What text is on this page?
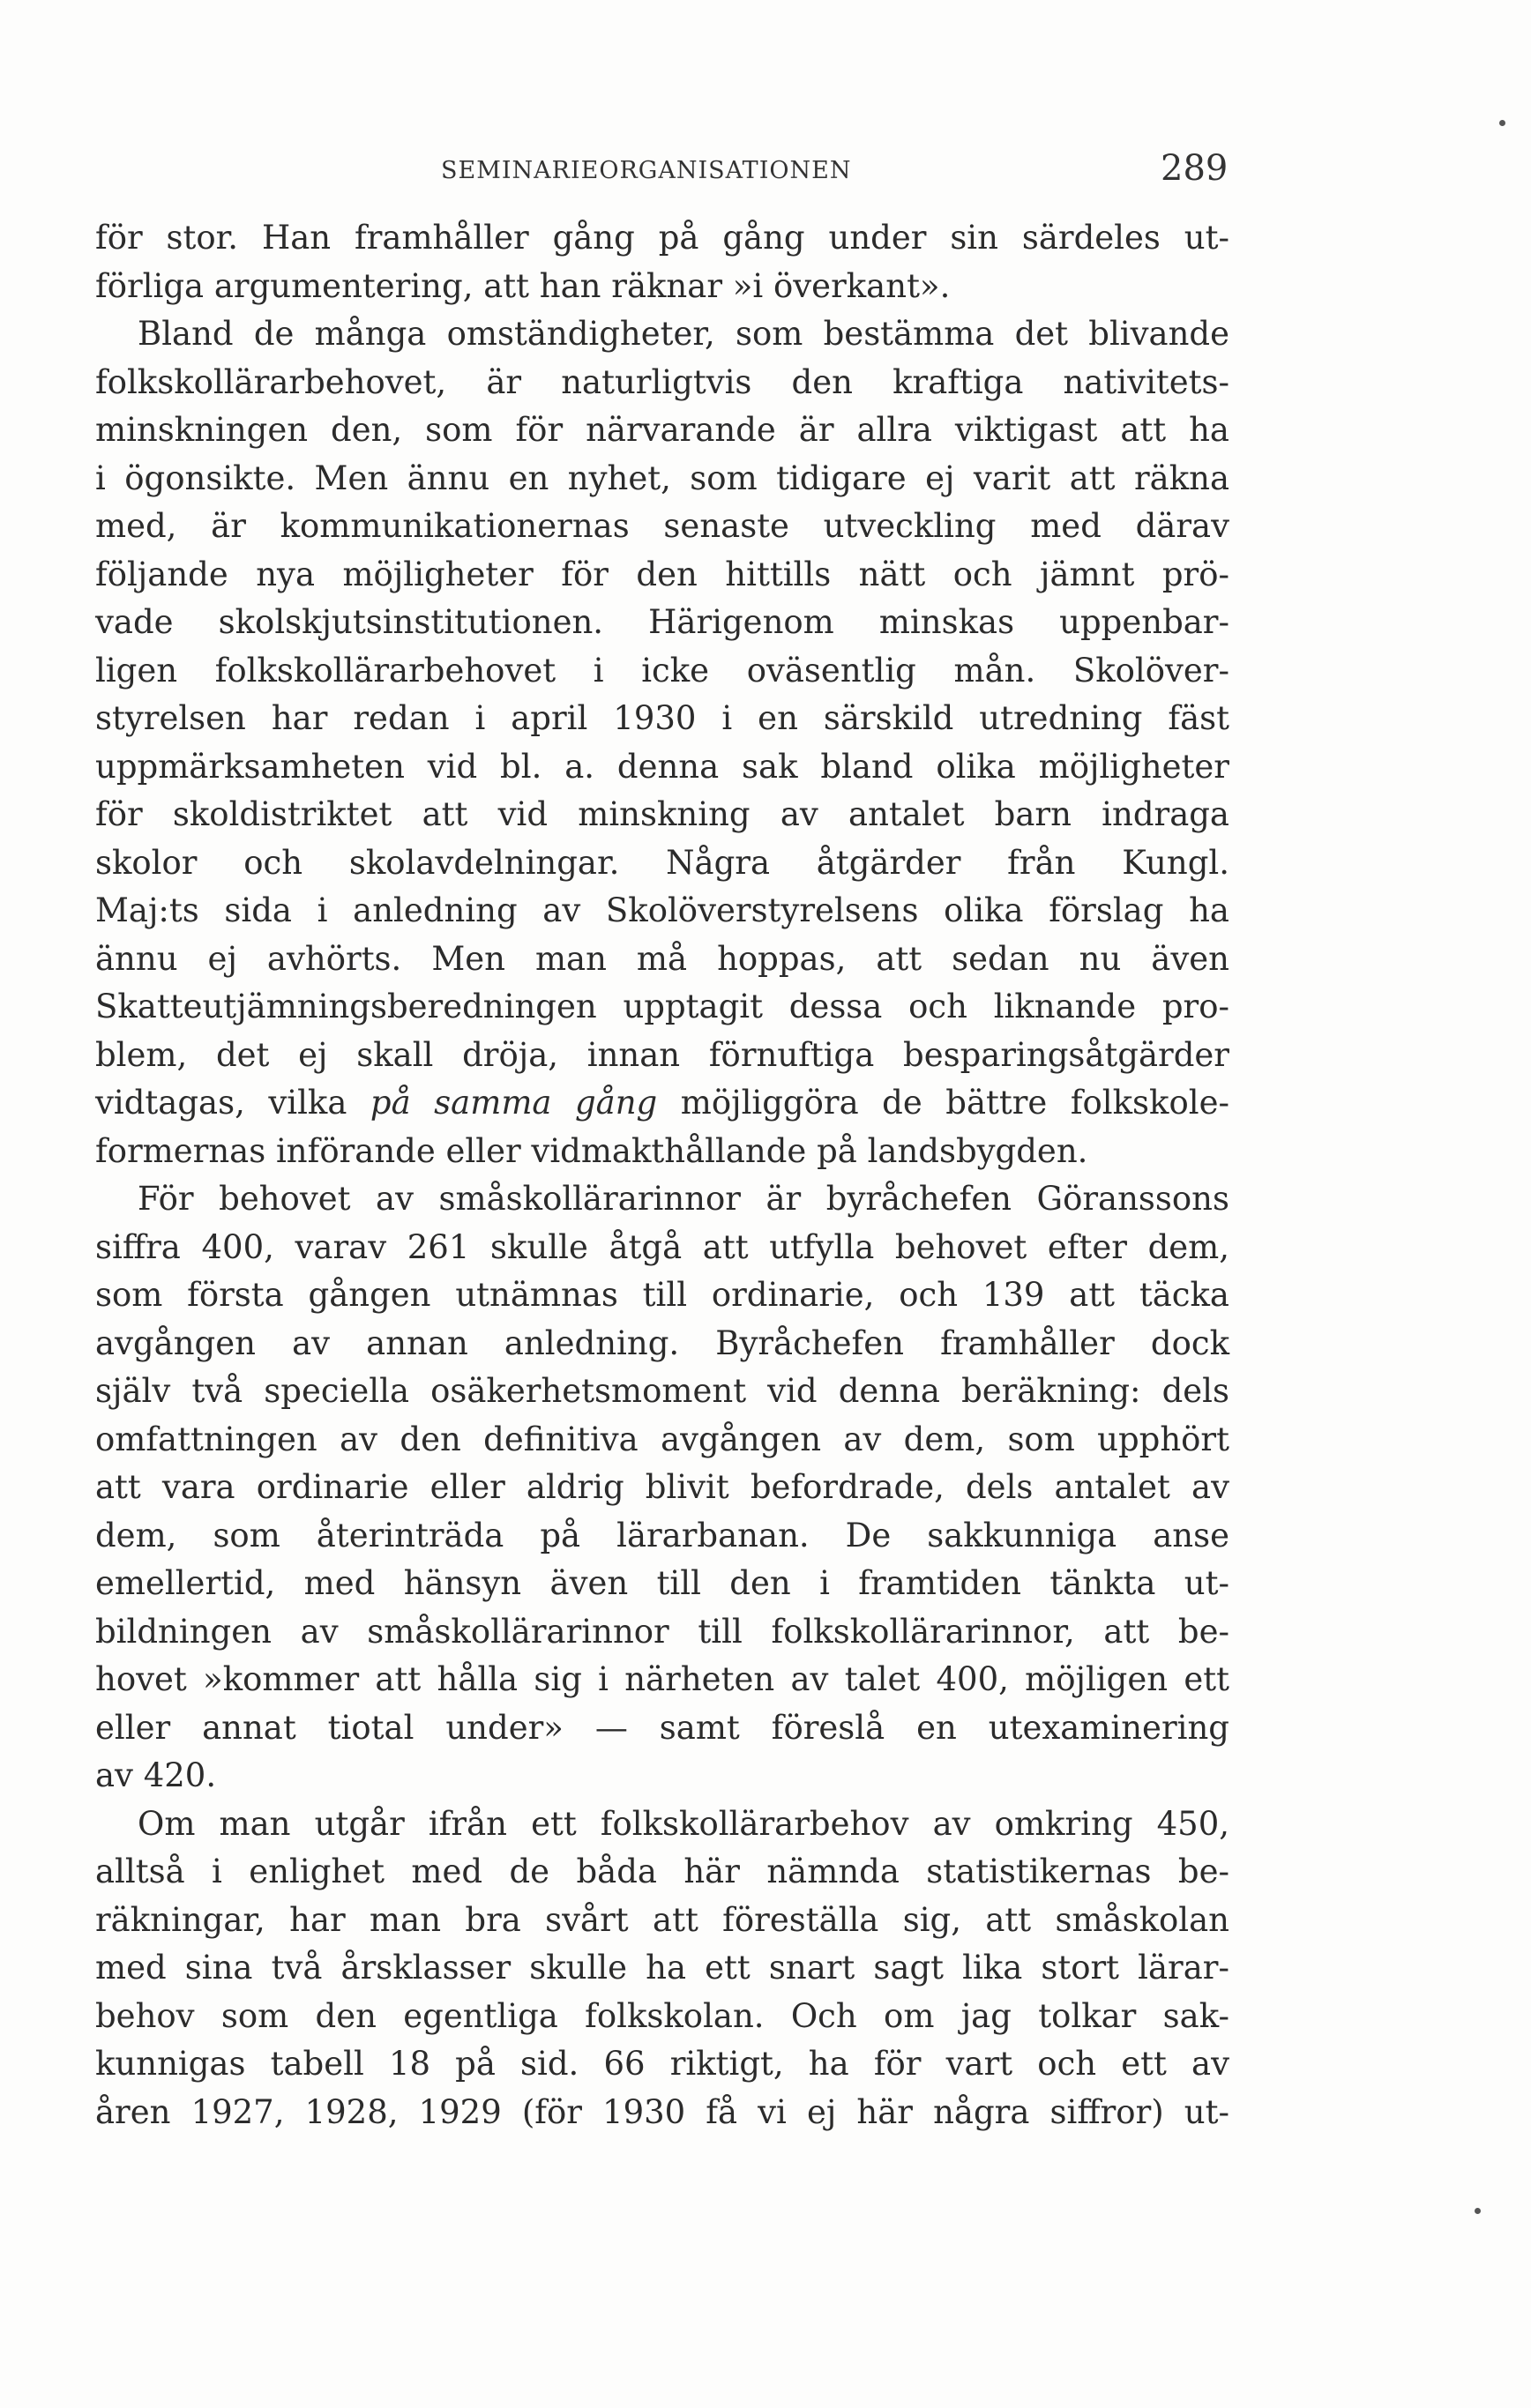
SEMINARIEORGANISATIONEN	289
för stor. Han framhåller gång på gång under sin särdeles ut-
förliga argumentering, att han räknar »i överkant».
Bland de många omständigheter, som bestämma det blivande
folkskollärarbehovet, är naturligtvis den kraftiga nativitets-
minskningen den, som för närvarande är allra viktigast att ha
i ögonsikte. Men ännu en nyhet, som tidigare ej varit att räkna
med, är kommunikationernas senaste utveckling med därav
följande nya möjligheter för den hittills nätt och jämnt prö-
vade skolskjutsinstitutionen. Härigenom minskas uppenbar-
ligen folkskollärarbehovet i icke oväsentlig mån. Skolöver-
styrelsen har redan i april 1930 i en särskild utredning fäst
uppmärksamheten vid bl. a. denna sak bland olika möjligheter
för skoldistriktet att vid minskning av antalet barn indraga
skolor och skolavdelningar. Några åtgärder från Kungl.
Maj:ts sida i anledning av Skolöverstyrelsens olika förslag ha
ännu ej avhörts. Men man må hoppas, att sedan nu även
Skatteutjämningsberedningen upptagit dessa och liknande pro-
blem, det ej skall dröja, innan förnuftiga besparingsåtgärder
vidtagas, vilka på samma gång möjliggöra de bättre folkskole-
formernas införande eller vidmakthållande på landsbygden.
För behovet av småskollärarinnor är byråchefen Göranssons
siffra 400, varav 261 skulle åtgå att utfylla behovet efter dem,
som första gången utnämnas till ordinarie, och 139 att täcka
avgången av annan anledning. Byråchefen framhåller dock
själv två speciella osäkerhetsmoment vid denna beräkning: dels
omfattningen av den definitiva avgången av dem, som upphört
att vara ordinarie eller aldrig blivit befordrade, dels antalet av
dem, som återinträda på lärarbanan. De sakkunniga anse
emellertid, med hänsyn även till den i framtiden tänkta ut-
bildningen av småskollärarinnor till folkskollärarinnor, att be-
hovet »kommer att hålla sig i närheten av talet 400, möjligen ett
eller annat tiotal under» — samt föreslå en utexaminering
av 420.
Om man utgår ifrån ett folkskollärarbehov av omkring 450,
alltså i enlighet med de båda här nämnda statistikernas be-
räkningar, har man bra svårt att föreställa sig, att småskolan
med sina två årsklasser skulle ha ett snart sagt lika stort lärar-
behov som den egentliga folkskolan. Och om jag tolkar sak-
kunnigas tabell 18 på sid. 66 riktigt, ha för vart och ett av
åren 1927, 1928, 1929 (för 1930 få vi ej här några siffror) ut-
